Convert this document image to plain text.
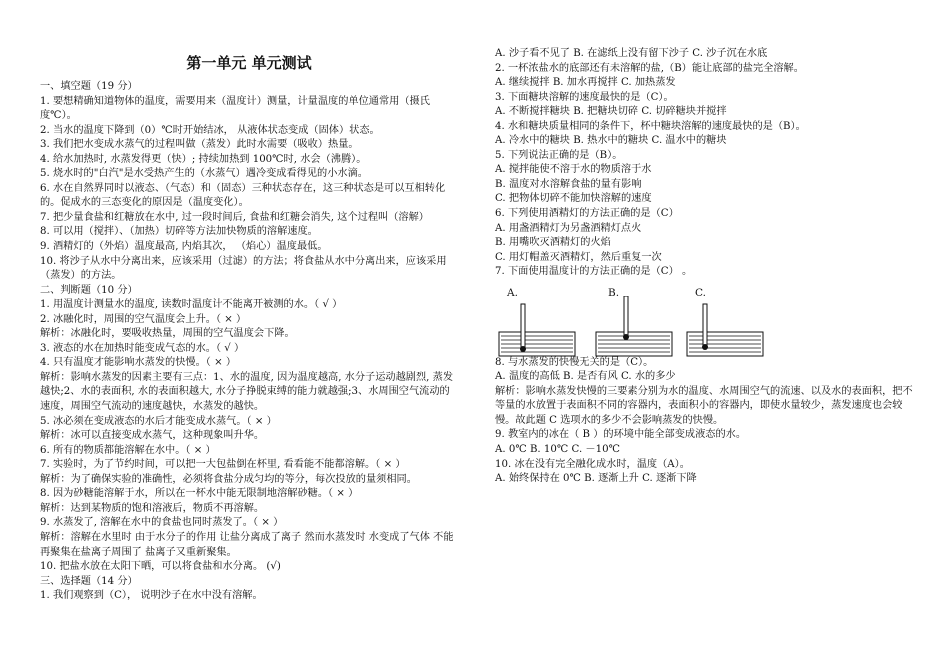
第一单元 单元测试
一、填空题（19 分）
1. 要想精确知道物体的温度，需要用来（温度计）测量，计量温度的单位通常用（摄氏度℃）。
2. 当水的温度下降到（0）℃时开始结冰， 从液体状态变成（固体）状态。
3. 我们把水变成水蒸气的过程叫做（蒸发）此时水需要（吸收）热量。
4. 给水加热时, 水蒸发得更（快）; 持续加热到 100℃时, 水会（沸腾）。
5. 烧水时的"白汽"是水受热产生的（水蒸气）遇冷变成看得见的小水滴。
6. 水在自然界同时以液态、（气态）和（固态）三种状态存在，这三种状态是可以互相转化的。促成水的三态变化的原因是（温度变化）。
7. 把少量食盐和红糖放在水中, 过一段时间后, 食盐和红糖会消失, 这个过程叫（溶解）
8. 可以用（搅拌）、（加热）切碎等方法加快物质的溶解速度。
9. 酒精灯的（外焰）温度最高, 内焰其次， （焰心）温度最低。
10. 将沙子从水中分离出来，应该采用（过滤）的方法；将食盐从水中分离出来，应该采用（蒸发）的方法。
二、判断题（10 分）
1. 用温度计测量水的温度, 读数时温度计不能离开被测的水。（ √ ）
2. 冰融化时，周围的空气温度会上升。（ × ）
解析：冰融化时，要吸收热量，周围的空气温度会下降。
3. 液态的水在加热时能变成气态的水。（ √ ）
4. 只有温度才能影响水蒸发的快慢。（ × ）
解析：影响水蒸发的因素主要有三点：1、水的温度, 因为温度越高, 水分子运动越剧烈, 蒸发越快;2、水的表面积, 水的表面积越大, 水分子挣脱束缚的能力就越强;3、水周围空气流动的速度，周围空气流动的速度越快，水蒸发的越快。
5. 冰必须在变成液态的水后才能变成水蒸气。（ × ）
解析：冰可以直接变成水蒸气，这种现象叫升华。
6. 所有的物质都能溶解在水中。（ × ）
7. 实验时，为了节约时间，可以把一大包盐倒在杯里, 看看能不能都溶解。（ × ）
解析：为了确保实验的准确性，必须将食盐分成匀均的等分，每次投放的量须相同。
8. 因为砂糖能溶解于水，所以在一杯水中能无限制地溶解砂糖。（ × ）
解析：达到某物质的饱和溶液后，物质不再溶解。
9. 水蒸发了, 溶解在水中的食盐也同时蒸发了。（ × ）
解析：溶解在水里时 由于水分子的作用 让盐分离成了离子 然而水蒸发时 水变成了气体 不能再聚集在盐离子周围了 盐离子又重新聚集。
10. 把盐水放在太阳下晒，可以将食盐和水分离。 (√)
三、选择题（14 分）
1. 我们观察到（C）， 说明沙子在水中没有溶解。
A. 沙子看不见了 B. 在滤纸上没有留下沙子 C. 沙子沉在水底
2. 一杯浓盐水的底部还有未溶解的盐,（B）能让底部的盐完全溶解。
A. 继续搅拌 B. 加水再搅拌 C. 加热蒸发
3. 下面糖块溶解的速度最快的是（C）。
A. 不断搅拌糖块 B. 把糖块切碎 C. 切碎糖块并搅拌
4. 水和糖块质量相同的条件下，杯中糖块溶解的速度最快的是（B）。
A. 冷水中的糖块 B. 热水中的糖块 C. 温水中的糖块
5. 下列说法正确的是（B）。
A. 搅拌能使不溶于水的物质溶于水
B. 温度对水溶解食盐的量有影响
C. 把物体切碎不能加快溶解的速度
6. 下列使用酒精灯的方法正确的是（C）
A. 用盏酒精灯为另盏酒精灯点火
B. 用嘴吹灭酒精灯的火焰
C. 用灯帽盖灭酒精灯，然后重复一次
7. 下面使用温度计的方法正确的是（C） 。
A.	B.	C.
8. 与水蒸发的快慢无关的是（C）。
A. 温度的高低 B. 是否有风 C. 水的多少
解析：影响水蒸发快慢的三要素分别为水的温度、水周围空气的流速、以及水的表面积，把不等量的水放置于表面积不同的容器内，表面积小的容器内，即使水量较少，蒸发速度也会较慢。故此题 C 选项水的多少不会影响蒸发的快慢。
9. 教室内的冰在（ B ）的环境中能全部变成液态的水。
A. 0℃ B. 10℃ C. －10℃
10. 冰在没有完全融化成水时，温度（A）。
A. 始终保持在 0℃ B. 逐渐上升 C. 逐渐下降
